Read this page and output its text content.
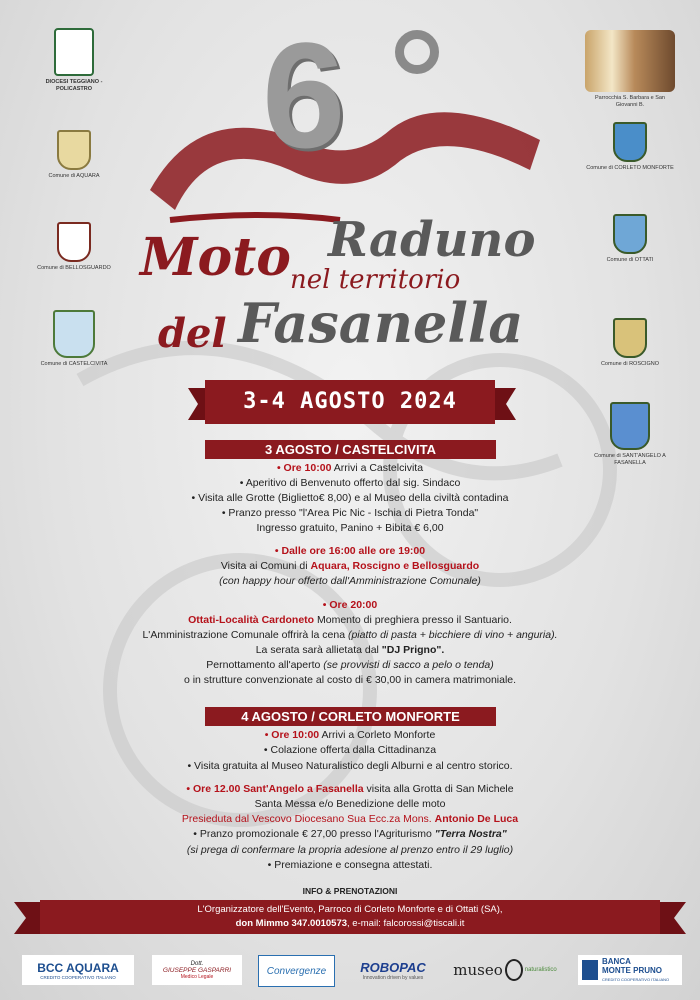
DIOCESI TEGGIANO - POLICASTRO
Comune di AQUARA
Comune di BELLOSGUARDO
Comune di CASTELCIVITA
Parrocchia S. Barbara e San Giovanni B.
Comune di CORLETO MONFORTE
Comune di OTTATI
Comune di ROSCIGNO
Comune di SANT'ANGELO A FASANELLA
6
Moto Raduno
nel territorio
del Fasanella
3-4 AGOSTO 2024
3 AGOSTO / CASTELCIVITA
• Ore 10:00 Arrivi a Castelcivita
• Aperitivo di Benvenuto offerto dal sig. Sindaco
• Visita alle Grotte (Biglietto€ 8,00) e al Museo della civiltà contadina
• Pranzo presso "l'Area Pic Nic - Ischia di Pietra Tonda"
Ingresso gratuito, Panino + Bibita € 6,00
• Dalle ore 16:00 alle ore 19:00
Visita ai Comuni di Aquara, Roscigno e Bellosguardo
(con happy hour offerto dall'Amministrazione Comunale)
• Ore 20:00
Ottati-Località Cardoneto Momento di preghiera presso il Santuario.
L'Amministrazione Comunale offrirà la cena (piatto di pasta + bicchiere di vino + anguria).
La serata sarà allietata dal "DJ Prigno".
Pernottamento all'aperto (se provvisti di sacco a pelo o tenda)
o in strutture convenzionate al costo di € 30,00 in camera matrimoniale.
4 AGOSTO / CORLETO MONFORTE
• Ore 10:00 Arrivi a Corleto Monforte
• Colazione offerta dalla Cittadinanza
• Visita gratuita al Museo Naturalistico degli Alburni e al centro storico.
• Ore 12.00 Sant'Angelo a Fasanella visita alla Grotta di San Michele
Santa Messa e/o Benedizione delle moto
Presieduta dal Vescovo Diocesano Sua Ecc.za Mons. Antonio De Luca
• Pranzo promozionale € 27,00 presso l'Agriturismo "Terra Nostra"
(si prega di confermare la propria adesione al prenzo entro il 29 luglio)
• Premiazione e consegna attestati.
INFO & PRENOTAZIONI
L'Organizzatore dell'Evento, Parroco di Corleto Monforte e di Ottati (SA),
don Mimmo 347.0010573, e-mail: falcorossi@tiscali.it
BCC AQUARA
CREDITO COOPERATIVO ITALIANO
Dott.
GIUSEPPE GASPARRI
Medico Legale	Convergenze	ROBOPAC
Innovation driven by values museo	naturalistico
BANCA
MONTE PRUNO
CREDITO COOPERATIVO ITALIANO
